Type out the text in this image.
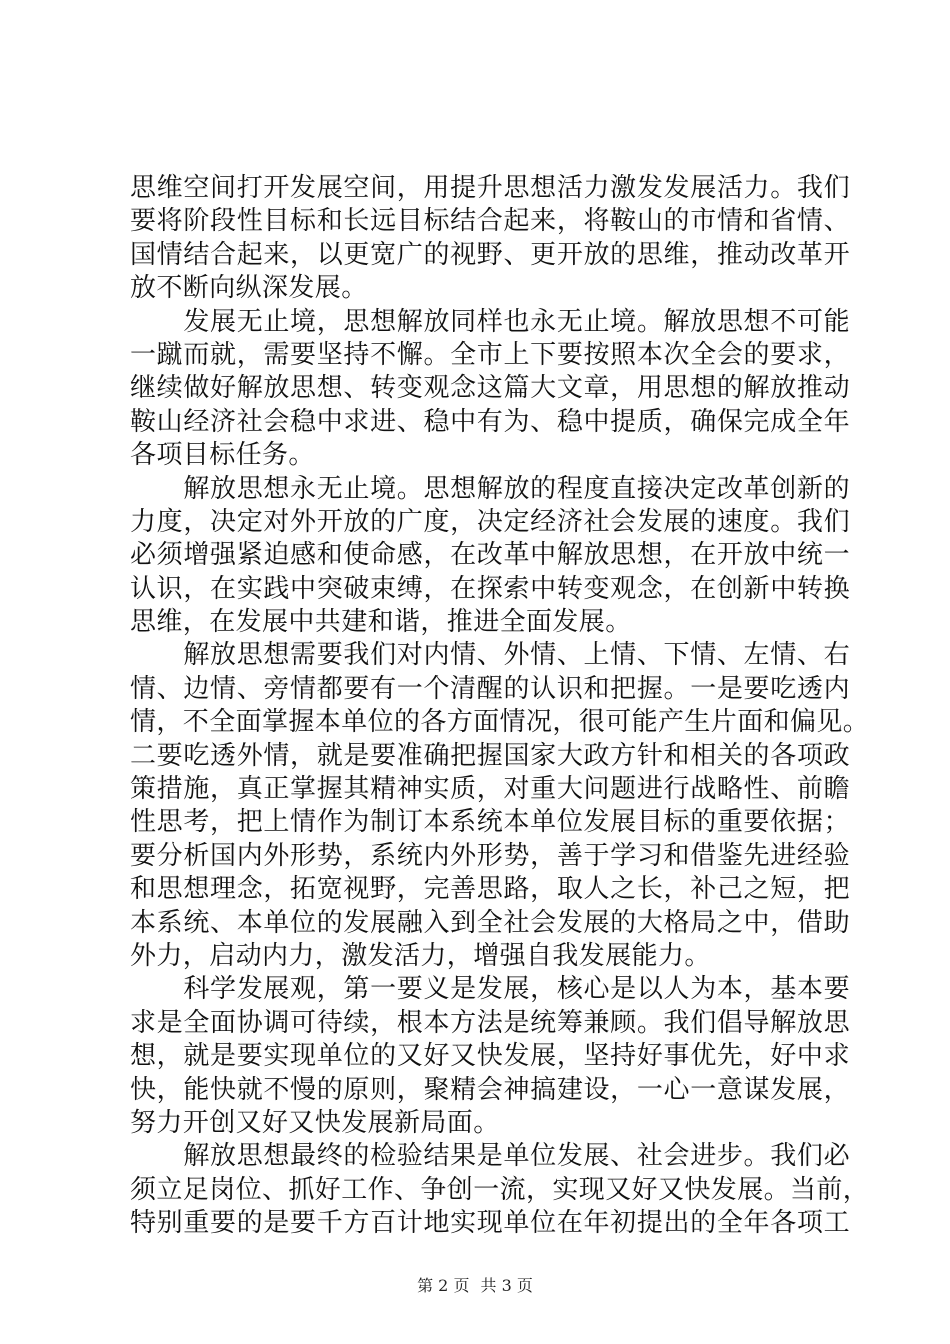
思维空间打开发展空间，用提升思想活力激发发展活力。我们
要将阶段性目标和长远目标结合起来，将鞍山的市情和省情、
国情结合起来，以更宽广的视野、更开放的思维，推动改革开
放不断向纵深发展。
　　发展无止境，思想解放同样也永无止境。解放思想不可能
一蹴而就，需要坚持不懈。全市上下要按照本次全会的要求，
继续做好解放思想、转变观念这篇大文章，用思想的解放推动
鞍山经济社会稳中求进、稳中有为、稳中提质，确保完成全年
各项目标任务。
　　解放思想永无止境。思想解放的程度直接决定改革创新的
力度，决定对外开放的广度，决定经济社会发展的速度。我们
必须增强紧迫感和使命感，在改革中解放思想，在开放中统一
认识，在实践中突破束缚，在探索中转变观念，在创新中转换
思维，在发展中共建和谐，推进全面发展。
　　解放思想需要我们对内情、外情、上情、下情、左情、右
情、边情、旁情都要有一个清醒的认识和把握。一是要吃透内
情，不全面掌握本单位的各方面情况，很可能产生片面和偏见。
二要吃透外情，就是要准确把握国家大政方针和相关的各项政
策措施，真正掌握其精神实质，对重大问题进行战略性、前瞻
性思考，把上情作为制订本系统本单位发展目标的重要依据；
要分析国内外形势，系统内外形势，善于学习和借鉴先进经验
和思想理念，拓宽视野，完善思路，取人之长，补己之短，把
本系统、本单位的发展融入到全社会发展的大格局之中，借助
外力，启动内力，激发活力，增强自我发展能力。
　　科学发展观，第一要义是发展，核心是以人为本，基本要
求是全面协调可待续，根本方法是统筹兼顾。我们倡导解放思
想，就是要实现单位的又好又快发展，坚持好事优先，好中求
快，能快就不慢的原则，聚精会神搞建设，一心一意谋发展，
努力开创又好又快发展新局面。
　　解放思想最终的检验结果是单位发展、社会进步。我们必
须立足岗位、抓好工作、争创一流，实现又好又快发展。当前，
特别重要的是要千方百计地实现单位在年初提出的全年各项工
第 2 页 共 3 页
